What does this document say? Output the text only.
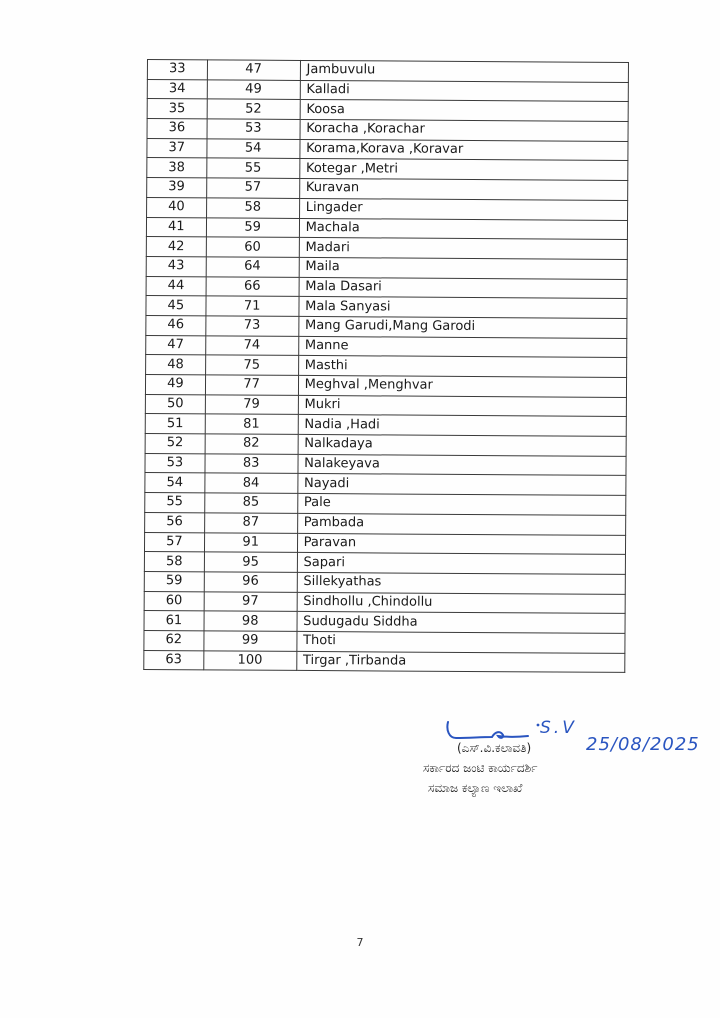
33	47	Jambuvulu
34	49	Kalladi
35	52	Koosa
36	53	Koracha ,Korachar
37	54	Korama,Korava ,Koravar
38	55	Kotegar ,Metri
39	57	Kuravan
40	58	Lingader
41	59	Machala
42	60	Madari
43	64	Maila
44	66	Mala Dasari
45	71	Mala Sanyasi
46	73	Mang Garudi,Mang Garodi
47	74	Manne
48	75	Masthi
49	77	Meghval ,Menghvar
50	79	Mukri
51	81	Nadia ,Hadi
52	82	Nalkadaya
53	83	Nalakeyava
54	84	Nayadi
55	85	Pale
56	87	Pambada
57	91	Paravan
58	95	Sapari
59	96	Sillekyathas
60	97	Sindhollu ,Chindollu
61	98	Sudugadu Siddha
62	99	Thoti
63	100	Tirgar ,Tirbanda
S.V
25/08/2025
(ಎಸ್.ವಿ.ಕಲಾವತಿ)
ಸರ್ಕಾರದ ಜಂಟಿ ಕಾರ್ಯದರ್ಶಿ
ಸಮಾಜ ಕಲ್ಯಾಣ ಇಲಾಖೆ
7
